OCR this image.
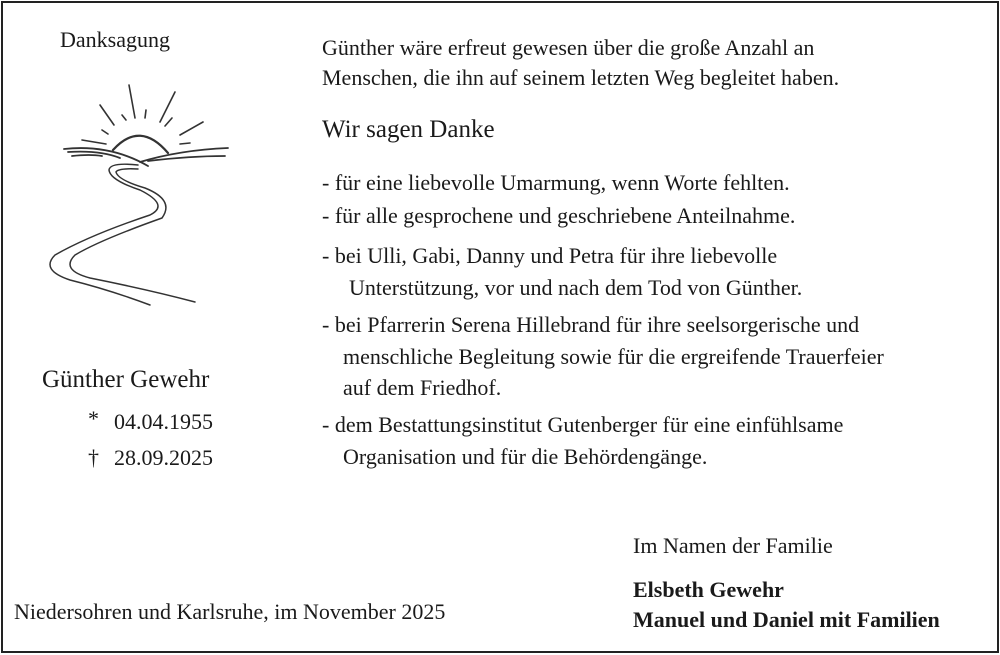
Danksagung
Günther Gewehr
* 04.04.1955
† 28.09.2025
Niedersohren und Karlsruhe, im November 2025
Günther wäre erfreut gewesen über die große Anzahl an
Menschen, die ihn auf seinem letzten Weg begleitet haben.
Wir sagen Danke
- für eine liebevolle Umarmung, wenn Worte fehlten.
- für alle gesprochene und geschriebene Anteilnahme.
- bei Ulli, Gabi, Danny und Petra für ihre liebevolle
Unterstützung, vor und nach dem Tod von Günther.
- bei Pfarrerin Serena Hillebrand für ihre seelsorgerische und
menschliche Begleitung sowie für die ergreifende Trauerfeier
auf dem Friedhof.
- dem Bestattungsinstitut Gutenberger für eine einfühlsame
Organisation und für die Behördengänge.
Im Namen der Familie
Elsbeth Gewehr
Manuel und Daniel mit Familien
